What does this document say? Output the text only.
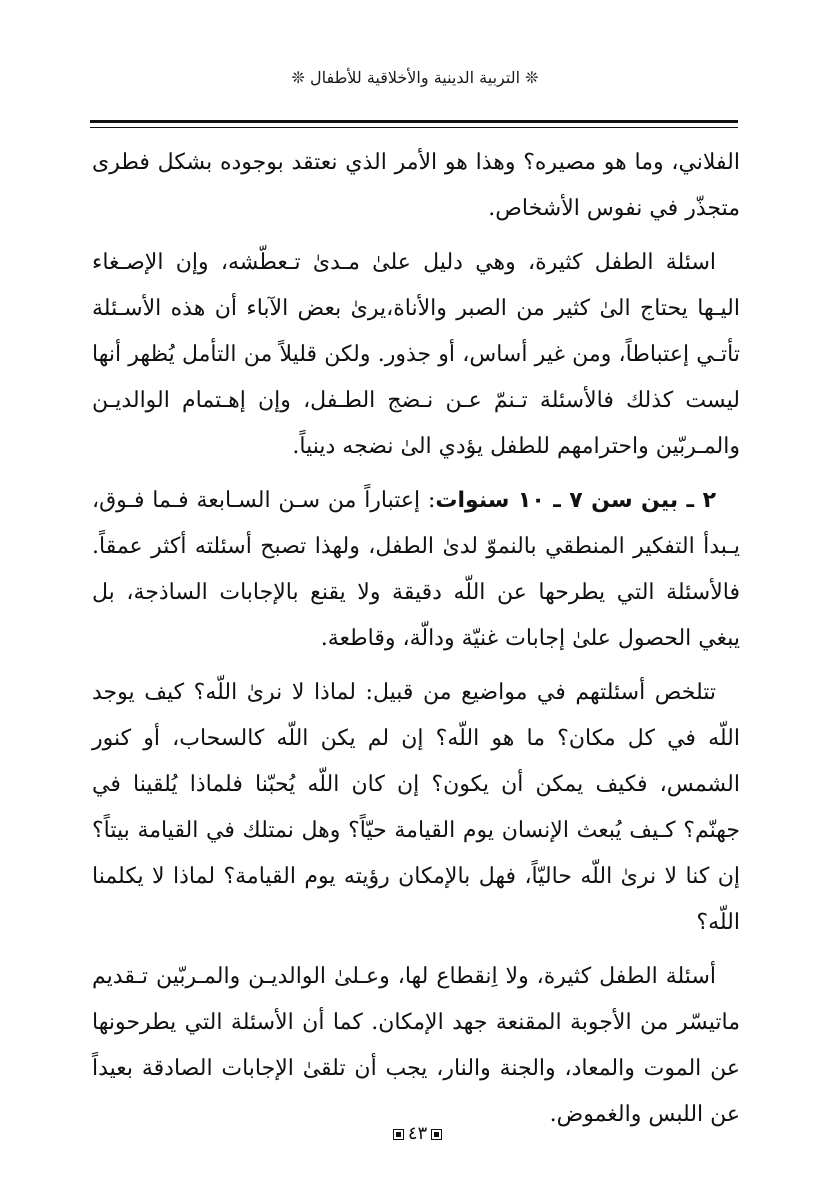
❊ التربية الدينية والأخلاقية للأطفال ❊

الفلاني، وما هو مصيره؟ وهذا هو الأمر الذي نعتقد بوجوده بشكل فطرى متجذّر في نفوس الأشخاص.

اسئلة الطفل كثيرة، وهي دليل علىٰ مـدىٰ تـعطّشه، وإن الإصـغاء اليـها يحتاج الىٰ كثير من الصبر والأناة،يرىٰ بعض الآباء أن هذه الأسـئلة تأتـي إعتباطاً، ومن غير أساس، أو جذور. ولكن قليلاً من التأمل يُظهر أنها ليست كذلك فالأسئلة تـنمّ عـن نـضج الطـفل، وإن إهـتمام الوالديـن والمـربّين واحترامهم للطفل يؤدي الىٰ نضجه دينياً.

٢ ـ بين سن ٧ ـ ١٠ سنوات: إعتباراً من سـن السـابعة فـما فـوق، يـبدأ التفكير المنطقي بالنموّ لدىٰ الطفل، ولهذا تصبح أسئلته أكثر عمقاً. فالأسئلة التي يطرحها عن اللّه دقيقة ولا يقنع بالإجابات الساذجة، بل يبغي الحصول علىٰ إجابات غنيّة ودالّة، وقاطعة.

تتلخص أسئلتهم في مواضيع من قبيل: لماذا لا نرىٰ اللّه؟ كيف يوجد اللّه في كل مكان؟ ما هو اللّه؟ إن لم يكن اللّه كالسحاب، أو كنور الشمس، فكيف يمكن أن يكون؟ إن كان اللّه يُحبّنا فلماذا يُلقينا في جهنّم؟ كـيف يُبعث الإنسان يوم القيامة حيّاً؟ وهل نمتلك في القيامة بيتاً؟ إن كنا لا نرىٰ اللّه حاليّاً، فهل بالإمكان رؤيته يوم القيامة؟ لماذا لا يكلمنا اللّه؟

أسئلة الطفل كثيرة، ولا اِنقطاع لها، وعـلىٰ الوالديـن والمـربّين تـقديم ماتيسّر من الأجوبة المقنعة جهد الإمكان. كما أن الأسئلة التي يطرحونها عن الموت والمعاد، والجنة والنار، يجب أن تلقىٰ الإجابات الصادقة بعيداً عن اللبس والغموض.

٤٣
